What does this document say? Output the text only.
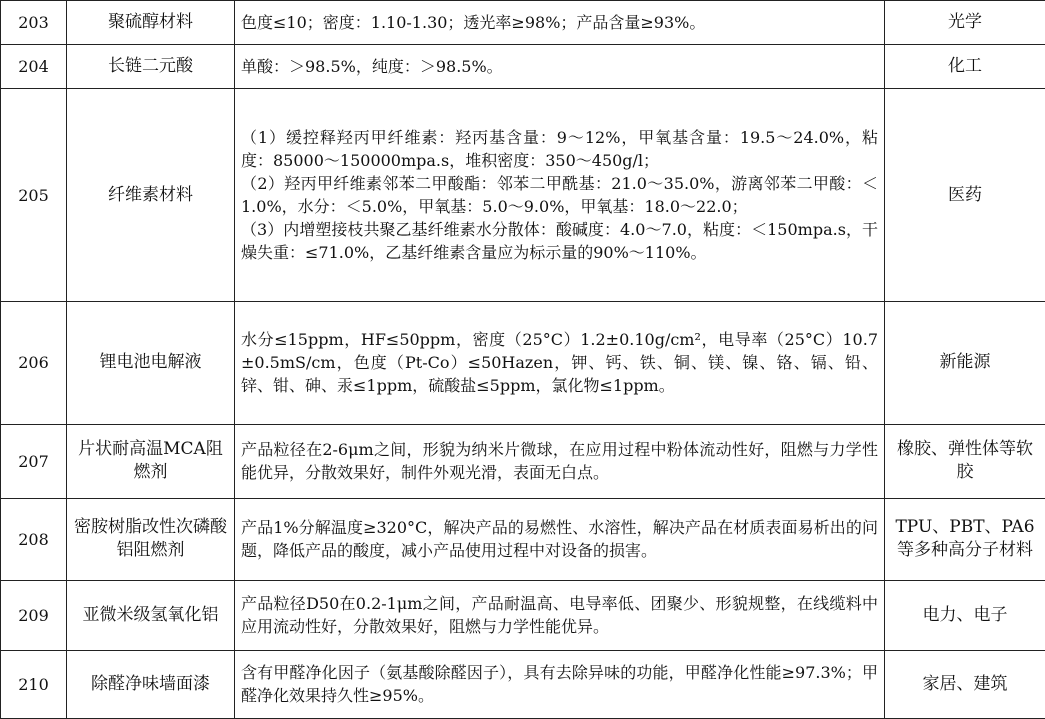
203	聚硫醇材料	色度≤10；密度：1.10-1.30；透光率≥98%；产品含量≥93%。	光学
204	长链二元酸	单酸：＞98.5%，纯度：＞98.5%。	化工
205	纤维素材料	（1）缓控释羟丙甲纤维素：羟丙基含量：9～12%，甲氧基含量：19.5～24.0%，粘度：85000～150000mpa.s，堆积密度：350～450g/l；
（2）羟丙甲纤维素邻苯二甲酸酯：邻苯二甲酰基：21.0～35.0%，游离邻苯二甲酸：＜1.0%，水分：＜5.0%，甲氧基：5.0～9.0%，甲氧基：18.0～22.0；
（3）内增塑接枝共聚乙基纤维素水分散体：酸碱度：4.0～7.0，粘度：＜150mpa.s，干燥失重：≤71.0%，乙基纤维素含量应为标示量的90%～110%。	医药
206	锂电池电解液	水分≤15ppm，HF≤50ppm，密度（25°C）1.2±0.10g/cm²，电导率（25°C）10.7±0.5mS/cm，色度（Pt-Co）≤50Hazen，钾、钙、铁、铜、镁、镍、铬、镉、铅、锌、钳、砷、汞≤1ppm，硫酸盐≤5ppm，氯化物≤1ppm。	新能源
207	片状耐高温MCA阻燃剂	产品粒径在2-6μm之间，形貌为纳米片微球，在应用过程中粉体流动性好，阻燃与力学性能优异，分散效果好，制件外观光滑，表面无白点。	橡胶、弹性体等软胶
208	密胺树脂改性次磷酸铝阻燃剂	产品1%分解温度≥320°C，解决产品的易燃性、水溶性，解决产品在材质表面易析出的问题，降低产品的酸度，减小产品使用过程中对设备的损害。	TPU、PBT、PA6等多种高分子材料
209	亚微米级氢氧化铝	产品粒径D50在0.2-1μm之间，产品耐温高、电导率低、团聚少、形貌规整，在线缆料中应用流动性好，分散效果好，阻燃与力学性能优异。	电力、电子
210	除醛净味墙面漆	含有甲醛净化因子（氨基酸除醛因子），具有去除异味的功能，甲醛净化性能≥97.3%；甲醛净化效果持久性≥95%。	家居、建筑
